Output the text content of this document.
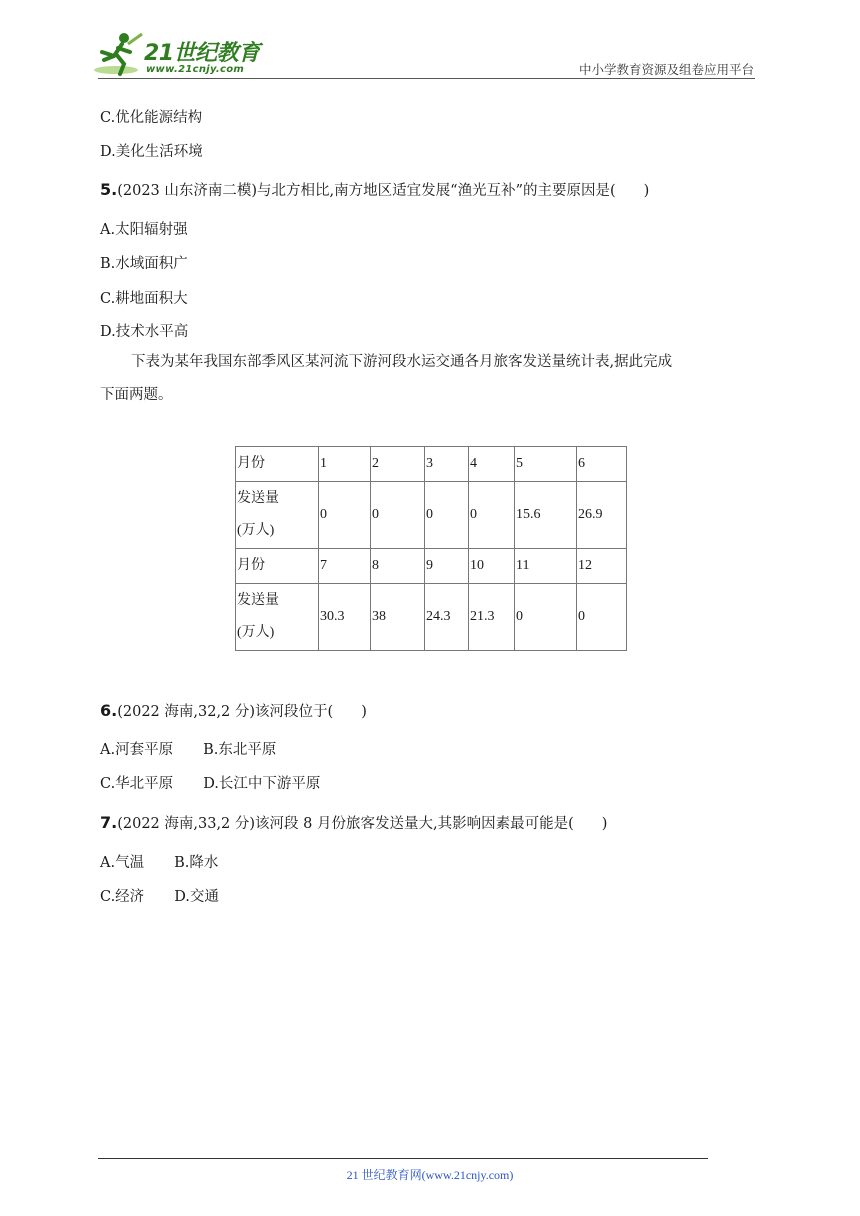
21世纪教育
www.21cnjy.com	中小学教育资源及组卷应用平台
C.优化能源结构
D.美化生活环境
5.(2023 山东济南二模)与北方相比,南方地区适宜发展“渔光互补”的主要原因是( )
A.太阳辐射强
B.水域面积广
C.耕地面积大
D.技术水平高
下表为某年我国东部季风区某河流下游河段水运交通各月旅客发送量统计表,据此完成
下面两题。
月份	1	2	3	4	5	6

发送量
(万人)	0	0	0	0	15.6	26.9
月份	7	8	9	10	11	12

发送量
(万人)	30.3	38	24.3	21.3	0	0
6.(2022 海南,32,2 分)该河段位于( )
A.河套平原 B.东北平原
C.华北平原 D.长江中下游平原
7.(2022 海南,33,2 分)该河段 8 月份旅客发送量大,其影响因素最可能是( )
A.气温 B.降水
C.经济 D.交通
21 世纪教育网(www.21cnjy.com)
